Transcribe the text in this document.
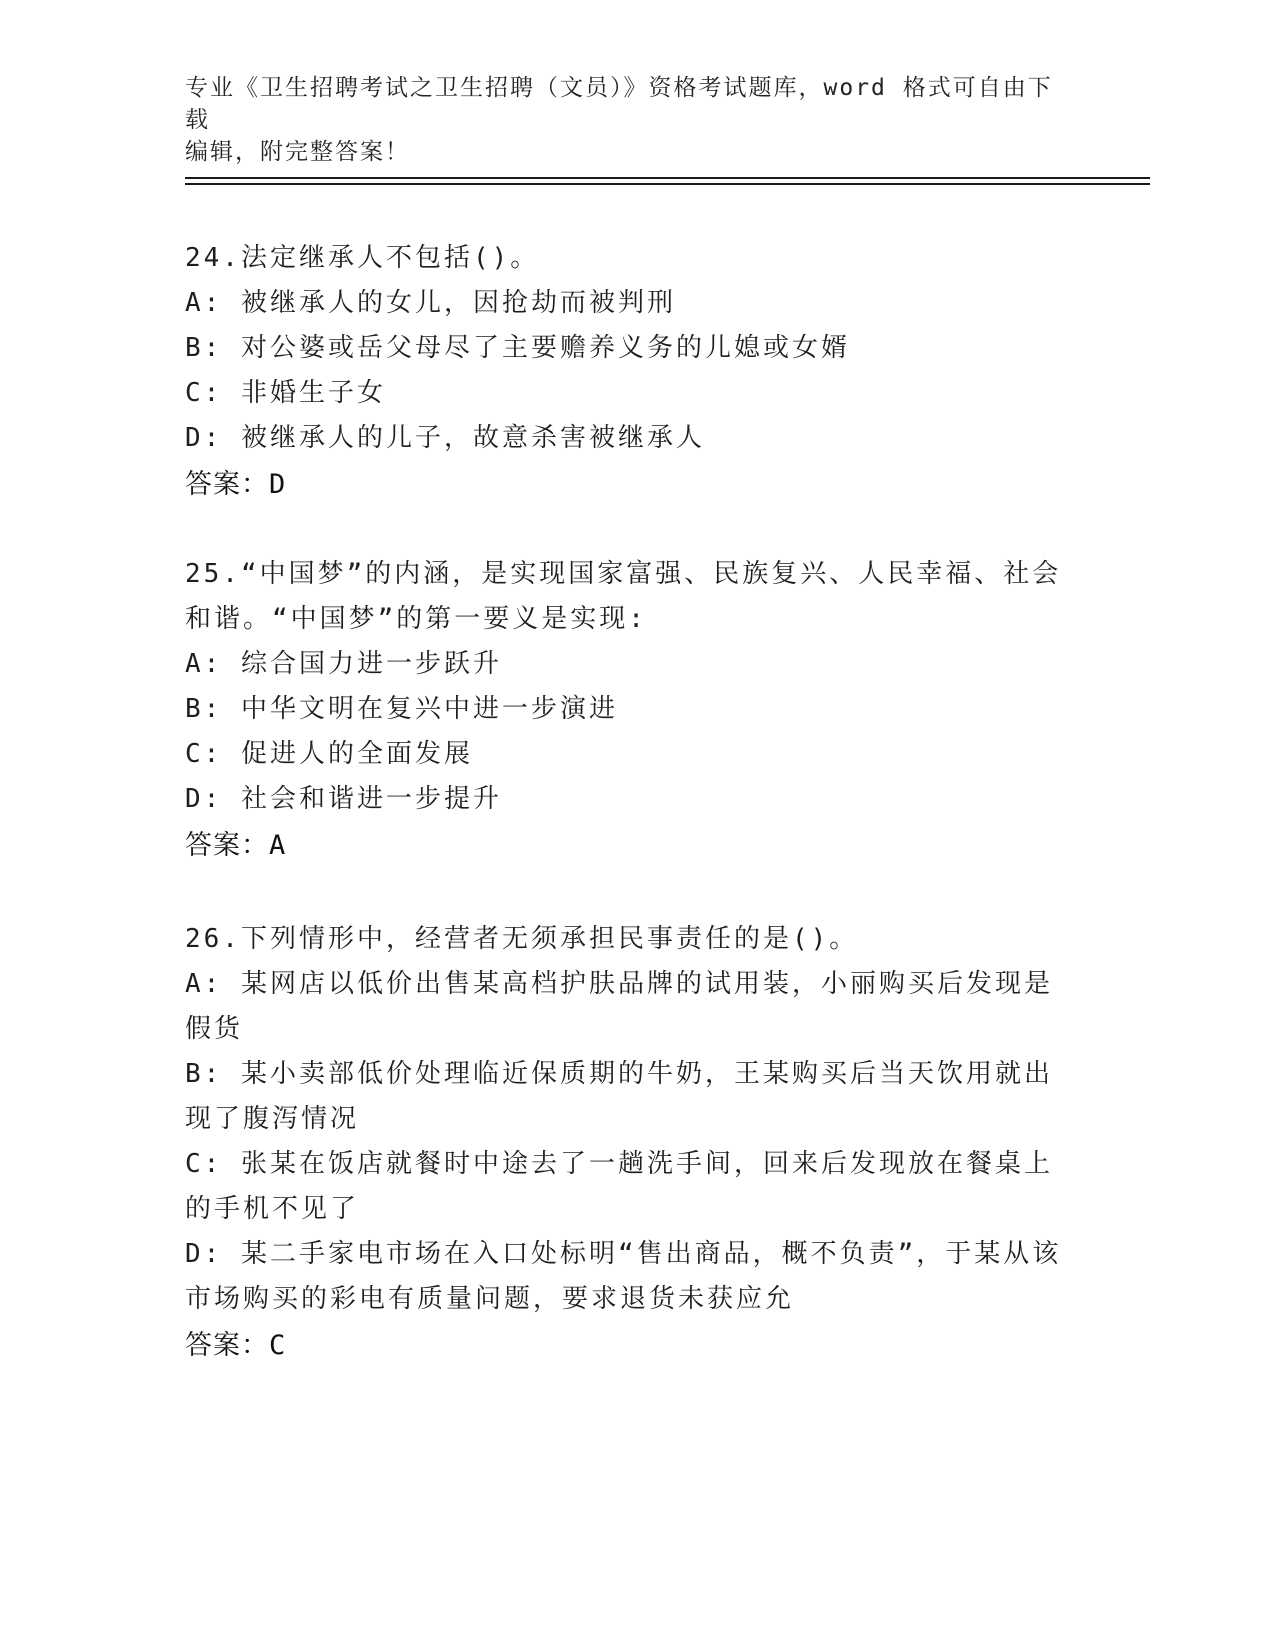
专业《卫生招聘考试之卫生招聘（文员）》资格考试题库，word 格式可自由下载
编辑，附完整答案！
24.法定继承人不包括()。
A: 被继承人的女儿，因抢劫而被判刑
B: 对公婆或岳父母尽了主要赡养义务的儿媳或女婿
C: 非婚生子女
D: 被继承人的儿子，故意杀害被继承人
答案：D
25.“中国梦”的内涵，是实现国家富强、民族复兴、人民幸福、社会和谐。“中国梦”的第一要义是实现:
A: 综合国力进一步跃升
B: 中华文明在复兴中进一步演进
C: 促进人的全面发展
D: 社会和谐进一步提升
答案：A
26.下列情形中，经营者无须承担民事责任的是()。
A: 某网店以低价出售某高档护肤品牌的试用装，小丽购买后发现是假货
B: 某小卖部低价处理临近保质期的牛奶，王某购买后当天饮用就出现了腹泻情况
C: 张某在饭店就餐时中途去了一趟洗手间，回来后发现放在餐桌上的手机不见了
D: 某二手家电市场在入口处标明“售出商品，概不负责”，于某从该市场购买的彩电有质量问题，要求退货未获应允
答案：C
